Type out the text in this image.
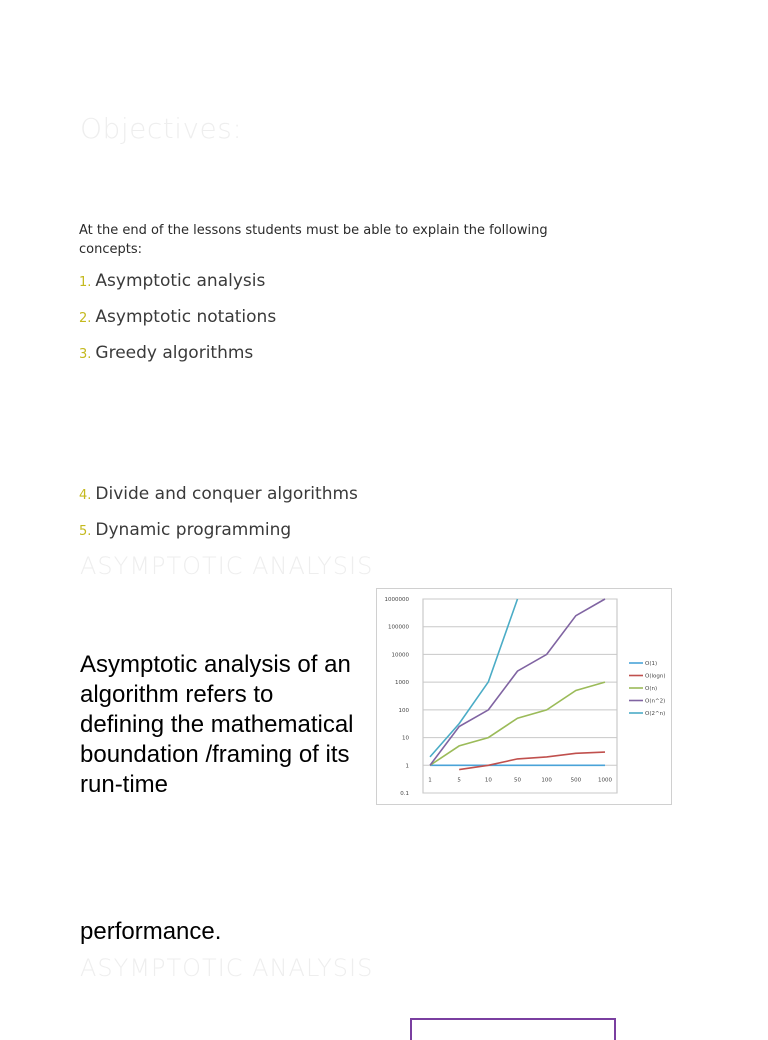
Objectives:
At the end of the lessons students must be able to explain the following concepts:
1. Asymptotic analysis
2. Asymptotic notations
3. Greedy algorithms
4. Divide and conquer algorithms
5. Dynamic programming
ASYMPTOTIC ANALYSIS
Asymptotic analysis of an algorithm refers to defining the mathematical boundation /framing of its run-time	0.1
1
10
100
1000
10000
100000
1000000
1	5	10	50	100	500	1000
O(1)
O(logn)
O(n)
O(n^2)
O(2^n)
performance.
ASYMPTOTIC ANALYSIS
